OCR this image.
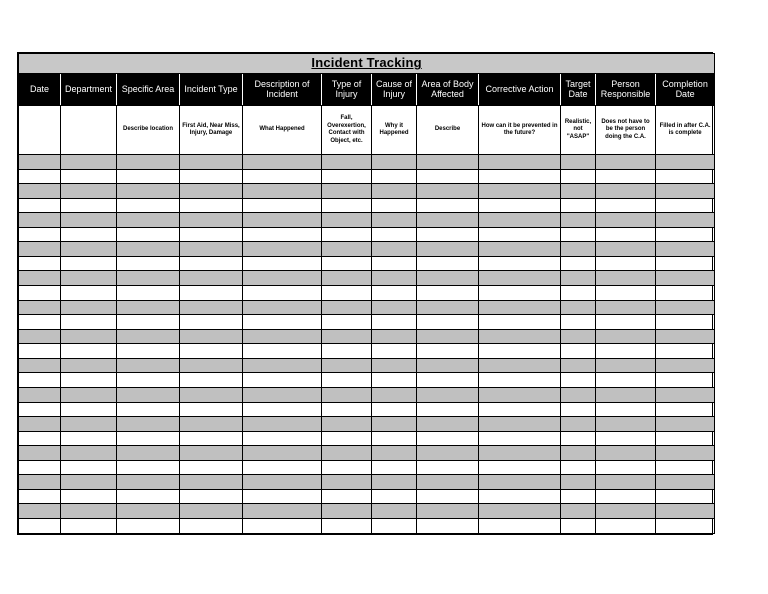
Incident Tracking											
Date	Department	Specific Area	Incident Type	Description of Incident	Type of Injury	Cause of Injury	Area of Body Affected	Corrective Action	Target Date	Person Responsible	Completion Date
		Describe location	First Aid, Near Miss, Injury, Damage	What Happened	Fall, Overexertion, Contact with Object, etc.	Why it Happened	Describe	How can it be prevented in the future?	Realistic, not "ASAP"	Does not have to be the person doing the C.A.	Filled in after C.A. is complete
